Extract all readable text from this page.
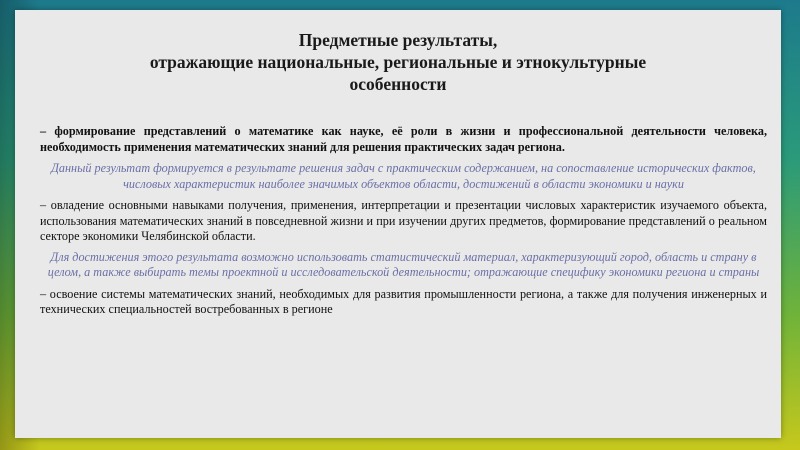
Предметные результаты,
отражающие национальные, региональные и этнокультурные
особенности

– формирование представлений о математике как науке, её роли в жизни и профессиональной деятельности человека, необходимость применения математических знаний для решения практических задач региона.

Данный результат формируется в результате решения задач с практическим содержанием, на сопоставление исторических фактов, числовых характеристик наиболее значимых объектов области, достижений в области экономики и науки

– овладение основными навыками получения, применения, интерпретации и презентации числовых характеристик изучаемого объекта, использования математических знаний в повседневной жизни и при изучении других предметов, формирование представлений о реальном секторе экономики Челябинской области.

Для достижения этого результата возможно использовать статистический материал, характеризующий город, область и страну в целом, а также выбирать темы проектной и исследовательской деятельности; отражающие специфику экономики региона и страны

– освоение системы математических знаний, необходимых для развития промышленности региона, а также для получения инженерных и технических специальностей востребованных в регионе
